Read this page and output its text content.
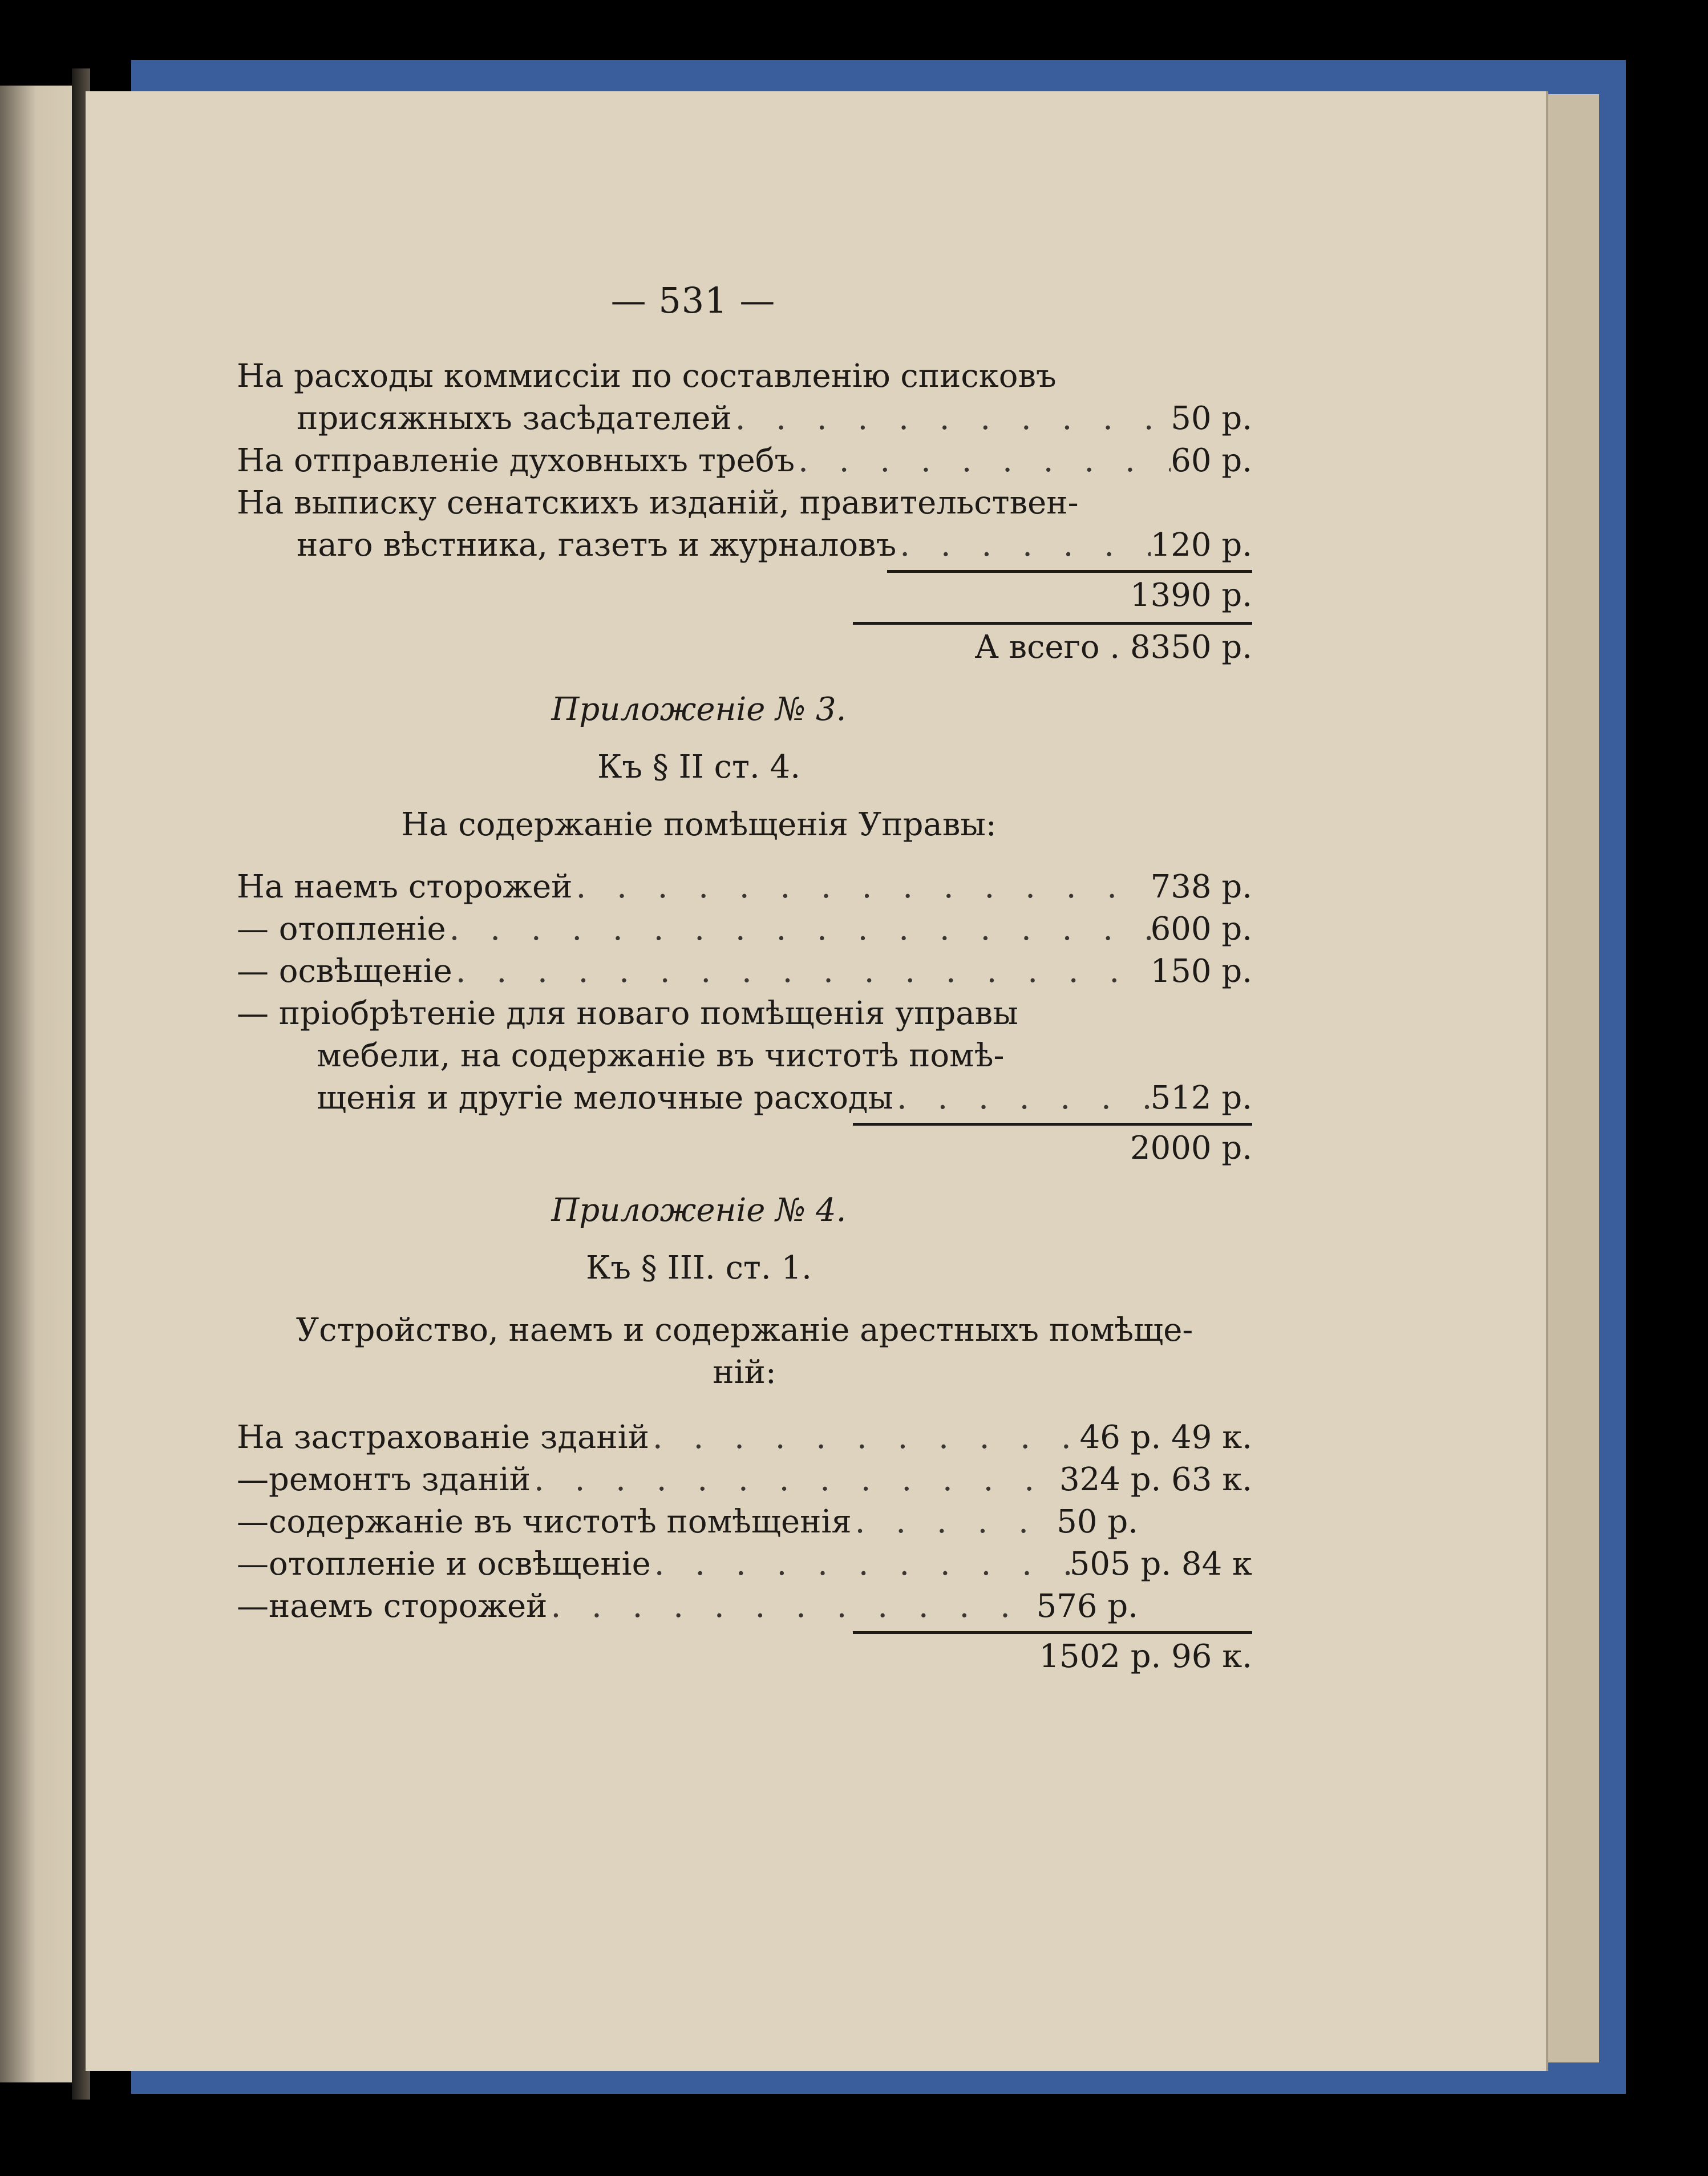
— 531 —
На расходы коммиссіи по составленію списковъ
присяжныхъ засѣдателей . . .	50 р.
На отправленіе духовныхъ требъ . . .	60 р.
На выписку сенатскихъ изданій, правительствен-
наго вѣстника, газетъ и журналовъ . . .	120 р.
1390 р.
А всего . 8350 р.
Приложеніе № 3.
Къ § II ст. 4.
На содержаніе помѣщенія Управы:
На наемъ сторожей . . .	738 р.
— отопленіе . . .	600 р.
— освѣщеніе . . .	150 р.
— пріобрѣтеніе для новаго помѣщенія управы
мебели, на содержаніе въ чистотѣ помѣ-
щенія и другіе мелочные расходы . . .	512 р.
2000 р.
Приложеніе № 4.
Къ § III. ст. 1.
Устройство, наемъ и содержаніе арестныхъ помѣще-
ній:
На застрахованіе зданій . . .	46 р. 49 к.
—ремонтъ зданій . . .	324 р. 63 к.
—содержаніе въ чистотѣ помѣщенія . . .	50 р.
—отопленіе и освѣщеніе . . .	505 р. 84 к
—наемъ сторожей . . .	576 р.
1502 р. 96 к.
